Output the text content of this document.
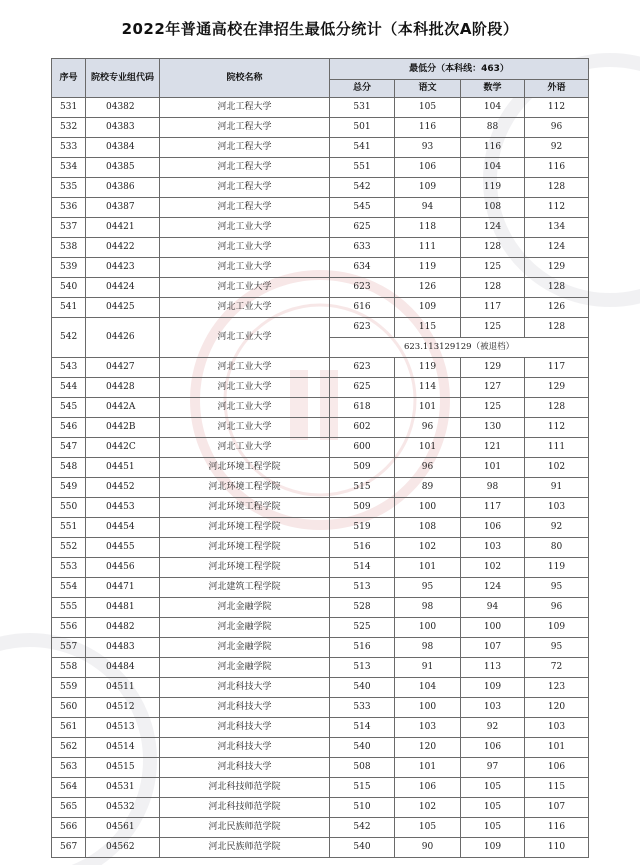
2022年普通高校在津招生最低分统计（本科批次A阶段）
序号	院校专业组代码	院校名称	最低分（本科线：463）			
			总分	语文	数学	外语
531	04382	河北工程大学	531	105	104	112
532	04383	河北工程大学	501	116	88	96
533	04384	河北工程大学	541	93	116	92
534	04385	河北工程大学	551	106	104	116
535	04386	河北工程大学	542	109	119	128
536	04387	河北工程大学	545	94	108	112
537	04421	河北工业大学	625	118	124	134
538	04422	河北工业大学	633	111	128	124
539	04423	河北工业大学	634	119	125	129
540	04424	河北工业大学	623	126	128	128
541	04425	河北工业大学	616	109	117	126
542	04426	河北工业大学	623	115	125	128
			623.113129129（被退档）			
543	04427	河北工业大学	623	119	129	117
544	04428	河北工业大学	625	114	127	129
545	0442A	河北工业大学	618	101	125	128
546	0442B	河北工业大学	602	96	130	112
547	0442C	河北工业大学	600	101	121	111
548	04451	河北环境工程学院	509	96	101	102
549	04452	河北环境工程学院	515	89	98	91
550	04453	河北环境工程学院	509	100	117	103
551	04454	河北环境工程学院	519	108	106	92
552	04455	河北环境工程学院	516	102	103	80
553	04456	河北环境工程学院	514	101	102	119
554	04471	河北建筑工程学院	513	95	124	95
555	04481	河北金融学院	528	98	94	96
556	04482	河北金融学院	525	100	100	109
557	04483	河北金融学院	516	98	107	95
558	04484	河北金融学院	513	91	113	72
559	04511	河北科技大学	540	104	109	123
560	04512	河北科技大学	533	100	103	120
561	04513	河北科技大学	514	103	92	103
562	04514	河北科技大学	540	120	106	101
563	04515	河北科技大学	508	101	97	106
564	04531	河北科技师范学院	515	106	105	115
565	04532	河北科技师范学院	510	102	105	107
566	04561	河北民族师范学院	542	105	105	116
567	04562	河北民族师范学院	540	90	109	110
